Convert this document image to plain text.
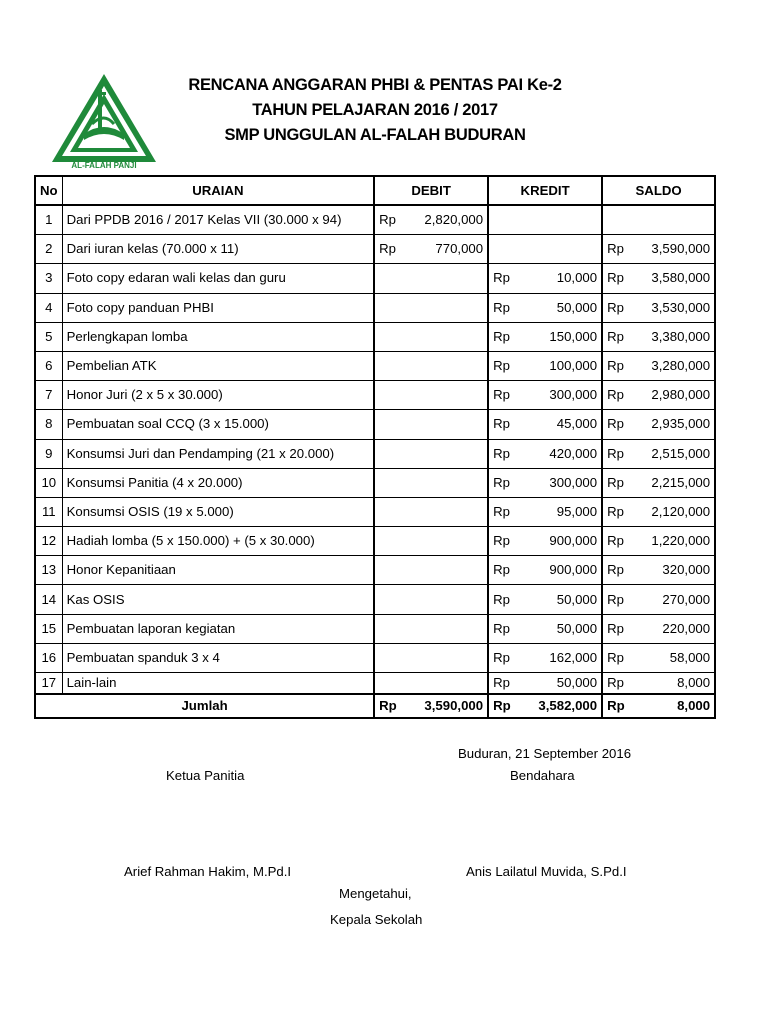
AL-FALAH PANJI
RENCANA ANGGARAN PHBI & PENTAS PAI Ke-2
TAHUN PELAJARAN 2016 / 2017
SMP UNGGULAN AL-FALAH BUDURAN
No	URAIAN	DEBIT		KREDIT		SALDO	
1	Dari PPDB 2016 / 2017 Kelas VII (30.000 x 94)	Rp	2,820,000				
2	Dari iuran kelas (70.000 x 11)	Rp	770,000			Rp	3,590,000
3	Foto copy edaran wali kelas dan guru			Rp	10,000	Rp	3,580,000
4	Foto copy panduan PHBI			Rp	50,000	Rp	3,530,000
5	Perlengkapan lomba			Rp	150,000	Rp	3,380,000
6	Pembelian ATK			Rp	100,000	Rp	3,280,000
7	Honor Juri (2 x 5 x 30.000)			Rp	300,000	Rp	2,980,000
8	Pembuatan soal CCQ (3 x 15.000)			Rp	45,000	Rp	2,935,000
9	Konsumsi Juri dan Pendamping (21 x 20.000)			Rp	420,000	Rp	2,515,000
10	Konsumsi Panitia (4 x 20.000)			Rp	300,000	Rp	2,215,000
11	Konsumsi OSIS (19 x 5.000)			Rp	95,000	Rp	2,120,000
12	Hadiah lomba (5 x 150.000) + (5 x 30.000)			Rp	900,000	Rp	1,220,000
13	Honor Kepanitiaan			Rp	900,000	Rp	320,000
14	Kas OSIS			Rp	50,000	Rp	270,000
15	Pembuatan laporan kegiatan			Rp	50,000	Rp	220,000
16	Pembuatan spanduk 3 x 4			Rp	162,000	Rp	58,000
17	Lain-lain			Rp	50,000	Rp	8,000
Jumlah		Rp	3,590,000	Rp	3,582,000	Rp	8,000
Buduran, 21 September 2016
Ketua Panitia	Bendahara
Arief Rahman Hakim, M.Pd.I	Anis Lailatul Muvida, S.Pd.I
Mengetahui,
Kepala Sekolah
